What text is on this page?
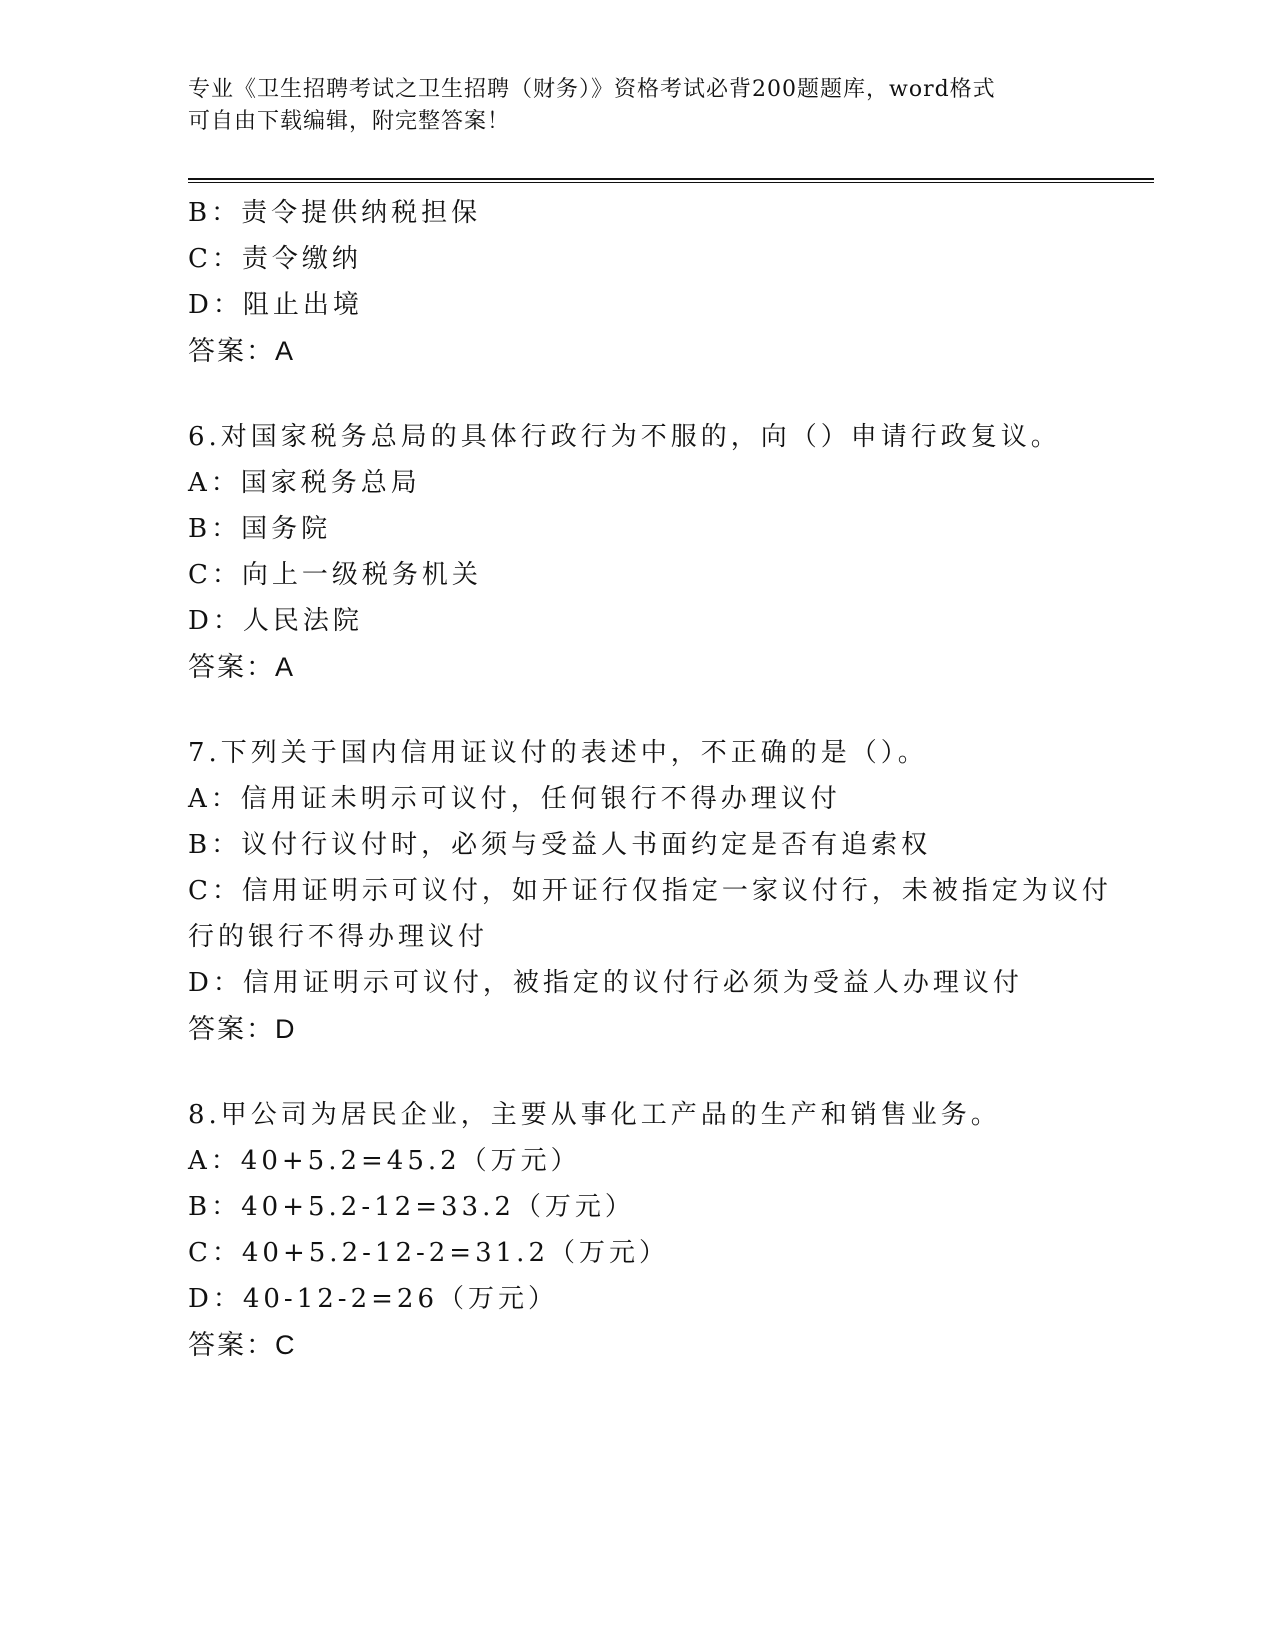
专业《卫生招聘考试之卫生招聘（财务）》资格考试必背200题题库，word格式
可自由下载编辑，附完整答案！
B：责令提供纳税担保
C：责令缴纳
D：阻止出境
答案：A
6.对国家税务总局的具体行政行为不服的，向（）申请行政复议。
A：国家税务总局
B：国务院
C：向上一级税务机关
D：人民法院
答案：A
7.下列关于国内信用证议付的表述中，不正确的是（）。
A：信用证未明示可议付，任何银行不得办理议付
B：议付行议付时，必须与受益人书面约定是否有追索权
C：信用证明示可议付，如开证行仅指定一家议付行，未被指定为议付
行的银行不得办理议付
D：信用证明示可议付，被指定的议付行必须为受益人办理议付
答案：D
8.甲公司为居民企业，主要从事化工产品的生产和销售业务。
A：40+5.2=45.2（万元）
B：40+5.2-12=33.2（万元）
C：40+5.2-12-2=31.2（万元）
D：40-12-2=26（万元）
答案：C
